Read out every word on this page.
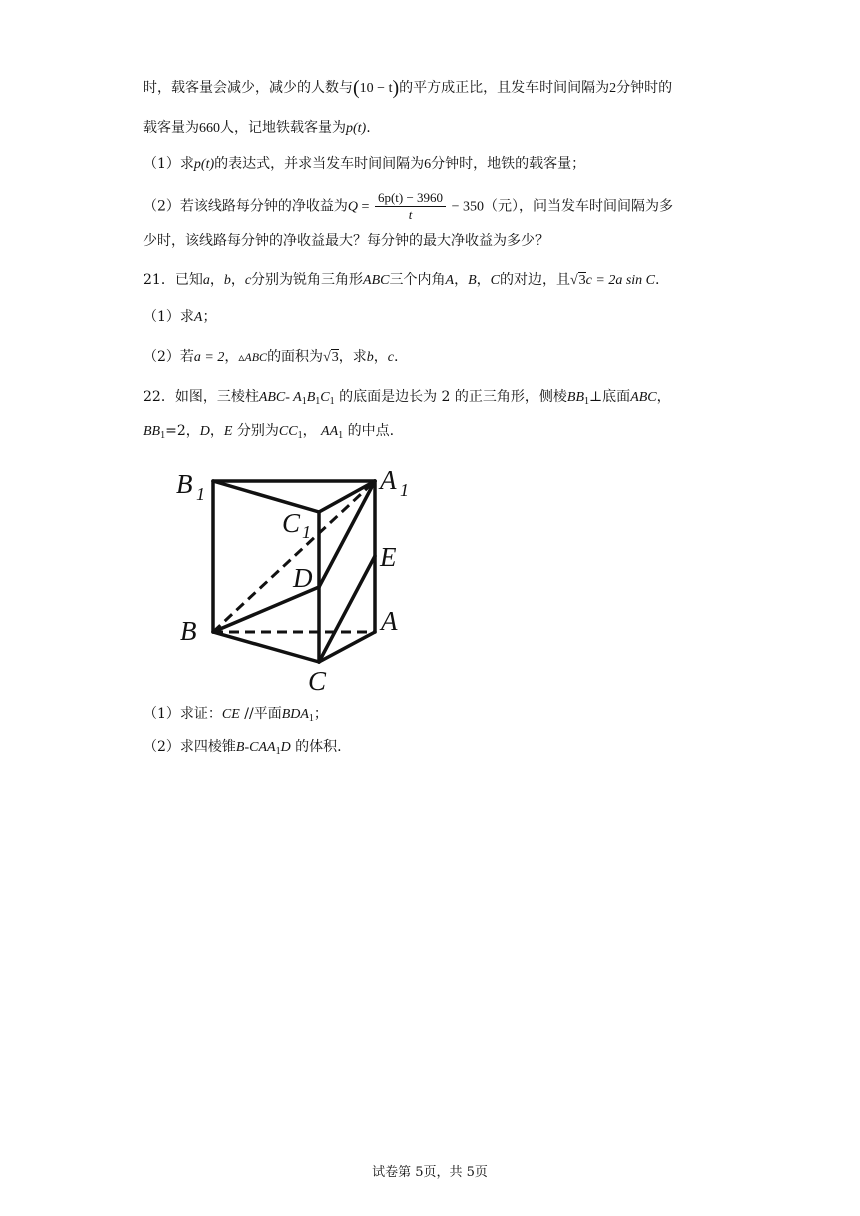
时，载客量会减少，减少的人数与(10 − t)的平方成正比，且发车时间间隔为2分钟时的
载客量为660人，记地铁载客量为p(t).
（1）求p(t)的表达式，并求当发车时间间隔为6分钟时，地铁的载客量；
（2）若该线路每分钟的净收益为$Q = \frac{6p(t) - 3960}{t} - 350$（元），问当发车时间间隔为多
少时，该线路每分钟的净收益最大？每分钟的最大净收益为多少？
21．已知a，b，c分别为锐角三角形ABC三个内角A，B，C的对边，且√3c = 2a sin C.
（1）求A；
（2）若a = 2，▵ABC的面积为√3，求b，c.
22．如图，三棱柱ABC- $A_1B_1C_1$ 的底面是边长为 2 的正三角形，侧棱$BB_1\perp$底面ABC，
$BB_1=2$，D，E 分别为$CC_1$， $AA_1$ 的中点.
B 1	A 1
C 1
D
E
B	A
C
（1）求证：CE //平面$BDA_1$；
（2）求四棱锥$B-CAA_1D$ 的体积.
试卷第 5页，共 5页
